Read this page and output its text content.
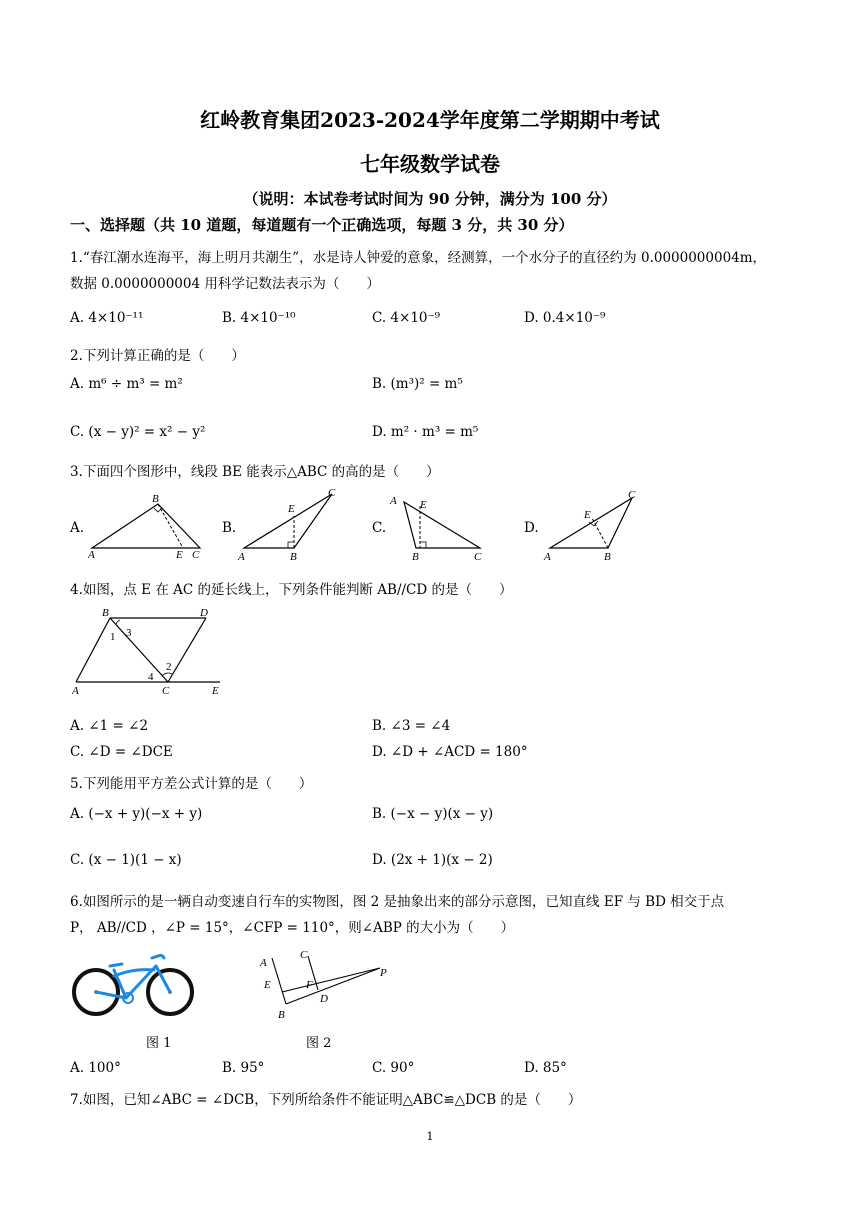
红岭教育集团2023-2024学年度第二学期期中考试
七年级数学试卷
（说明：本试卷考试时间为 90 分钟，满分为 100 分）
一、选择题（共 10 道题，每道题有一个正确选项，每题 3 分，共 30 分）
1.“春江潮水连海平，海上明月共潮生”，水是诗人钟爱的意象，经测算，一个水分子的直径约为 0.0000000004m，
数据 0.0000000004 用科学记数法表示为（　　）
A. 4×10⁻¹¹	B. 4×10⁻¹⁰	C. 4×10⁻⁹	D. 0.4×10⁻⁹
2.下列计算正确的是（　　）
A. m⁶ ÷ m³ = m²	B. (m³)² = m⁵
C. (x − y)² = x² − y²	D. m² · m³ = m⁵
3.下面四个图形中，线段 BE 能表示△ABC 的高的是（　　）
A.	B.	C.	D.
A
B
E C	A	B
C
E
A E
B	C	A	B
C
E
4.如图，点 E 在 AC 的延长线上，下列条件能判断 AB//CD 的是（　　）
B	D
A	C	E
1 3
2
4
A. ∠1 = ∠2	B. ∠3 = ∠4
C. ∠D = ∠DCE	D. ∠D + ∠ACD = 180°
5.下列能用平方差公式计算的是（　　）
A. (−x + y)(−x + y)	B. (−x − y)(x − y)
C. (x − 1)(1 − x)	D. (2x + 1)(x − 2)
6.如图所示的是一辆自动变速自行车的实物图，图 2 是抽象出来的部分示意图，已知直线 EF 与 BD 相交于点
P， AB//CD ，∠P = 15°，∠CFP = 110°，则∠ABP 的大小为（　　）
A
C
E	F
D
B
P
图 1	图 2
A. 100°	B. 95°	C. 90°	D. 85°
7.如图，已知∠ABC = ∠DCB，下列所给条件不能证明△ABC≌△DCB 的是（　　）
1
